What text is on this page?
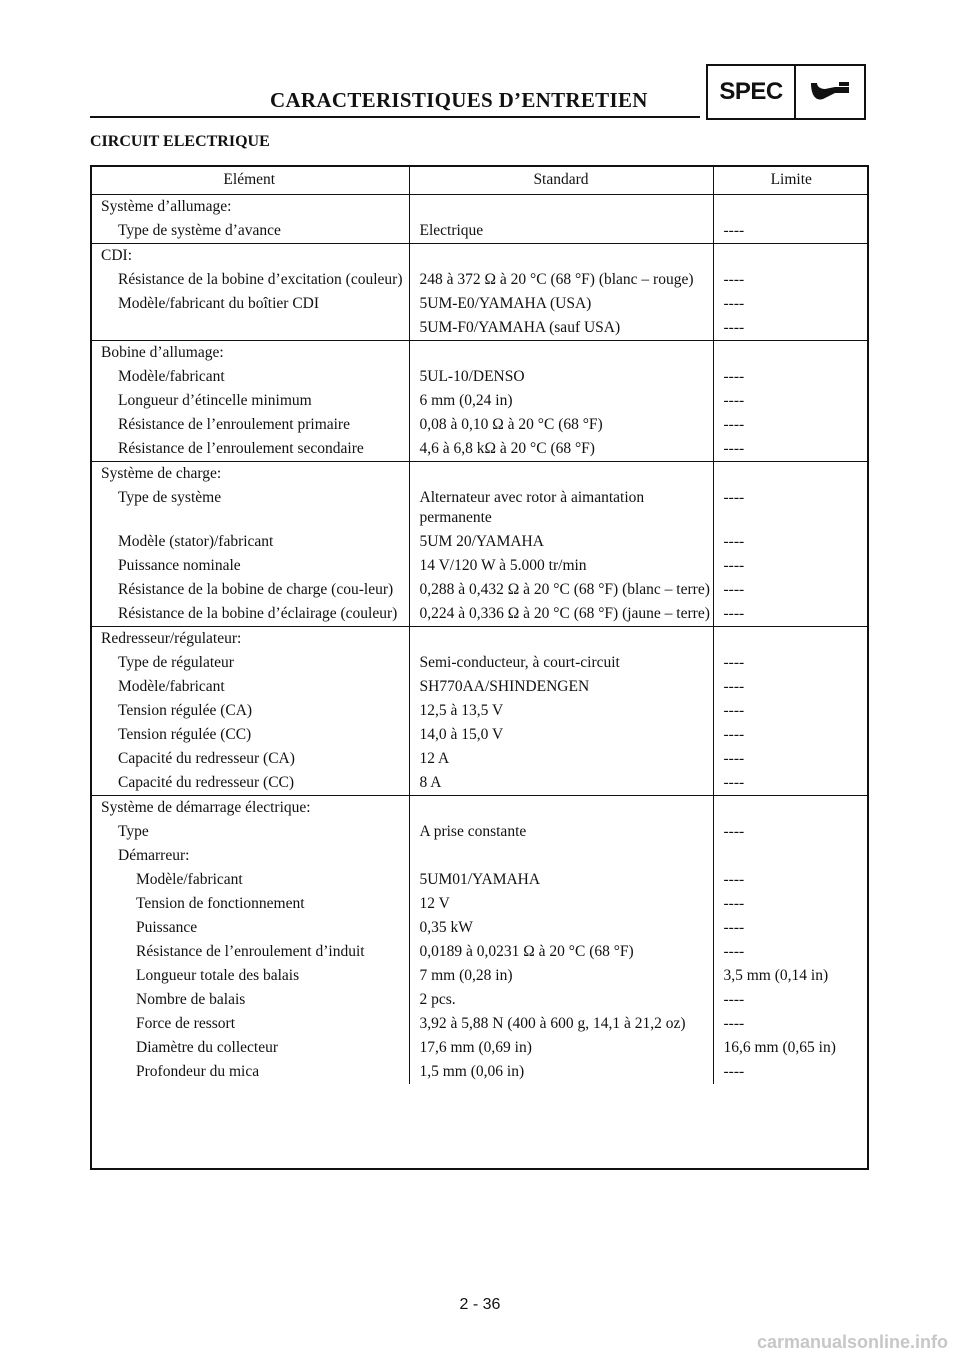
CARACTERISTIQUES D’ENTRETIEN	SPEC
CIRCUIT ELECTRIQUE
Elément	Standard	Limite
Système d’allumage:		
Type de système d’avance	Electrique	----
CDI:		
Résistance de la bobine d’excitation (couleur)	248 à 372 Ω à 20 °C (68 °F) (blanc – rouge)	----
Modèle/fabricant du boîtier CDI	5UM-E0/YAMAHA (USA)	----
	5UM-F0/YAMAHA (sauf USA)	----
Bobine d’allumage:		
Modèle/fabricant	5UL-10/DENSO	----
Longueur d’étincelle minimum	6 mm (0,24 in)	----
Résistance de l’enroulement primaire	0,08 à 0,10 Ω à 20 °C (68 °F)	----
Résistance de l’enroulement secondaire	4,6 à 6,8 kΩ à 20 °C (68 °F)	----
Système de charge:		
Type de système	Alternateur avec rotor à aimantation permanente	----
Modèle (stator)/fabricant	5UM 20/YAMAHA	----
Puissance nominale	14 V/120 W à 5.000 tr/min	----
Résistance de la bobine de charge (cou-leur)	0,288 à 0,432 Ω à 20 °C (68 °F) (blanc – terre)	----
Résistance de la bobine d’éclairage (couleur)	0,224 à 0,336 Ω à 20 °C (68 °F) (jaune – terre)	----
Redresseur/régulateur:		
Type de régulateur	Semi-conducteur, à court-circuit	----
Modèle/fabricant	SH770AA/SHINDENGEN	----
Tension régulée (CA)	12,5 à 13,5 V	----
Tension régulée (CC)	14,0 à 15,0 V	----
Capacité du redresseur (CA)	12 A	----
Capacité du redresseur (CC)	8 A	----
Système de démarrage électrique:		
Type	A prise constante	----
Démarreur:		
Modèle/fabricant	5UM01/YAMAHA	----
Tension de fonctionnement	12 V	----
Puissance	0,35 kW	----
Résistance de l’enroulement d’induit	0,0189 à 0,0231 Ω à 20 °C (68 °F)	----
Longueur totale des balais	7 mm (0,28 in)	3,5 mm (0,14 in)
Nombre de balais	2 pcs.	----
Force de ressort	3,92 à 5,88 N (400 à 600 g, 14,1 à 21,2 oz)	----
Diamètre du collecteur	17,6 mm (0,69 in)	16,6 mm (0,65 in)
Profondeur du mica	1,5 mm (0,06 in)	----
2 - 36
carmanualsonline.info
